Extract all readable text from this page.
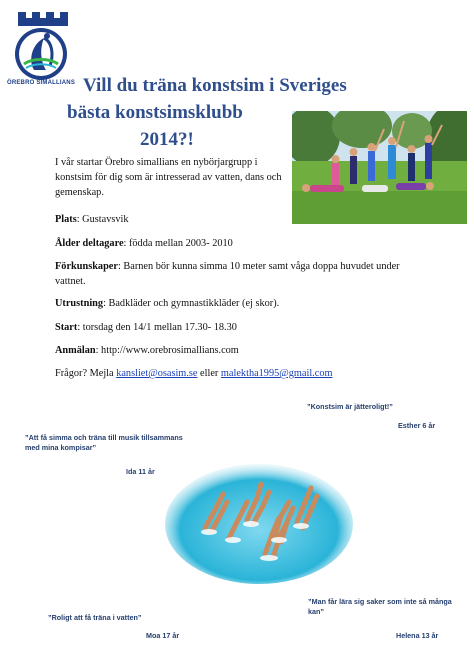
ÖREBRO SIMALLIANS Vill du träna konstsim i Sveriges
bästa konstsimsklubb
2014?!
I vår startar Örebro simallians en nybörjargrupp i konstsim för dig som är intresserad av vatten, dans och gemenskap.
Plats: Gustavsvik
Ålder deltagare: födda mellan 2003- 2010
Förkunskaper: Barnen bör kunna simma 10 meter samt våga doppa huvudet under vattnet.
Utrustning: Badkläder och gymnastikkläder (ej skor).
Start: torsdag den 14/1 mellan 17.30- 18.30
Anmälan: http://www.orebrosimallians.com
Frågor? Mejla kansliet@osasim.se eller malektha1995@gmail.com
”Konstsim är jätteroligt!”
Esther 6 år
”Att få simma och träna till musik tillsammans med mina kompisar”
Ida 11 år
”Man får lära sig saker som inte så många kan”
Helena 13 år
”Roligt att få träna i vatten”
Moa 17 år
